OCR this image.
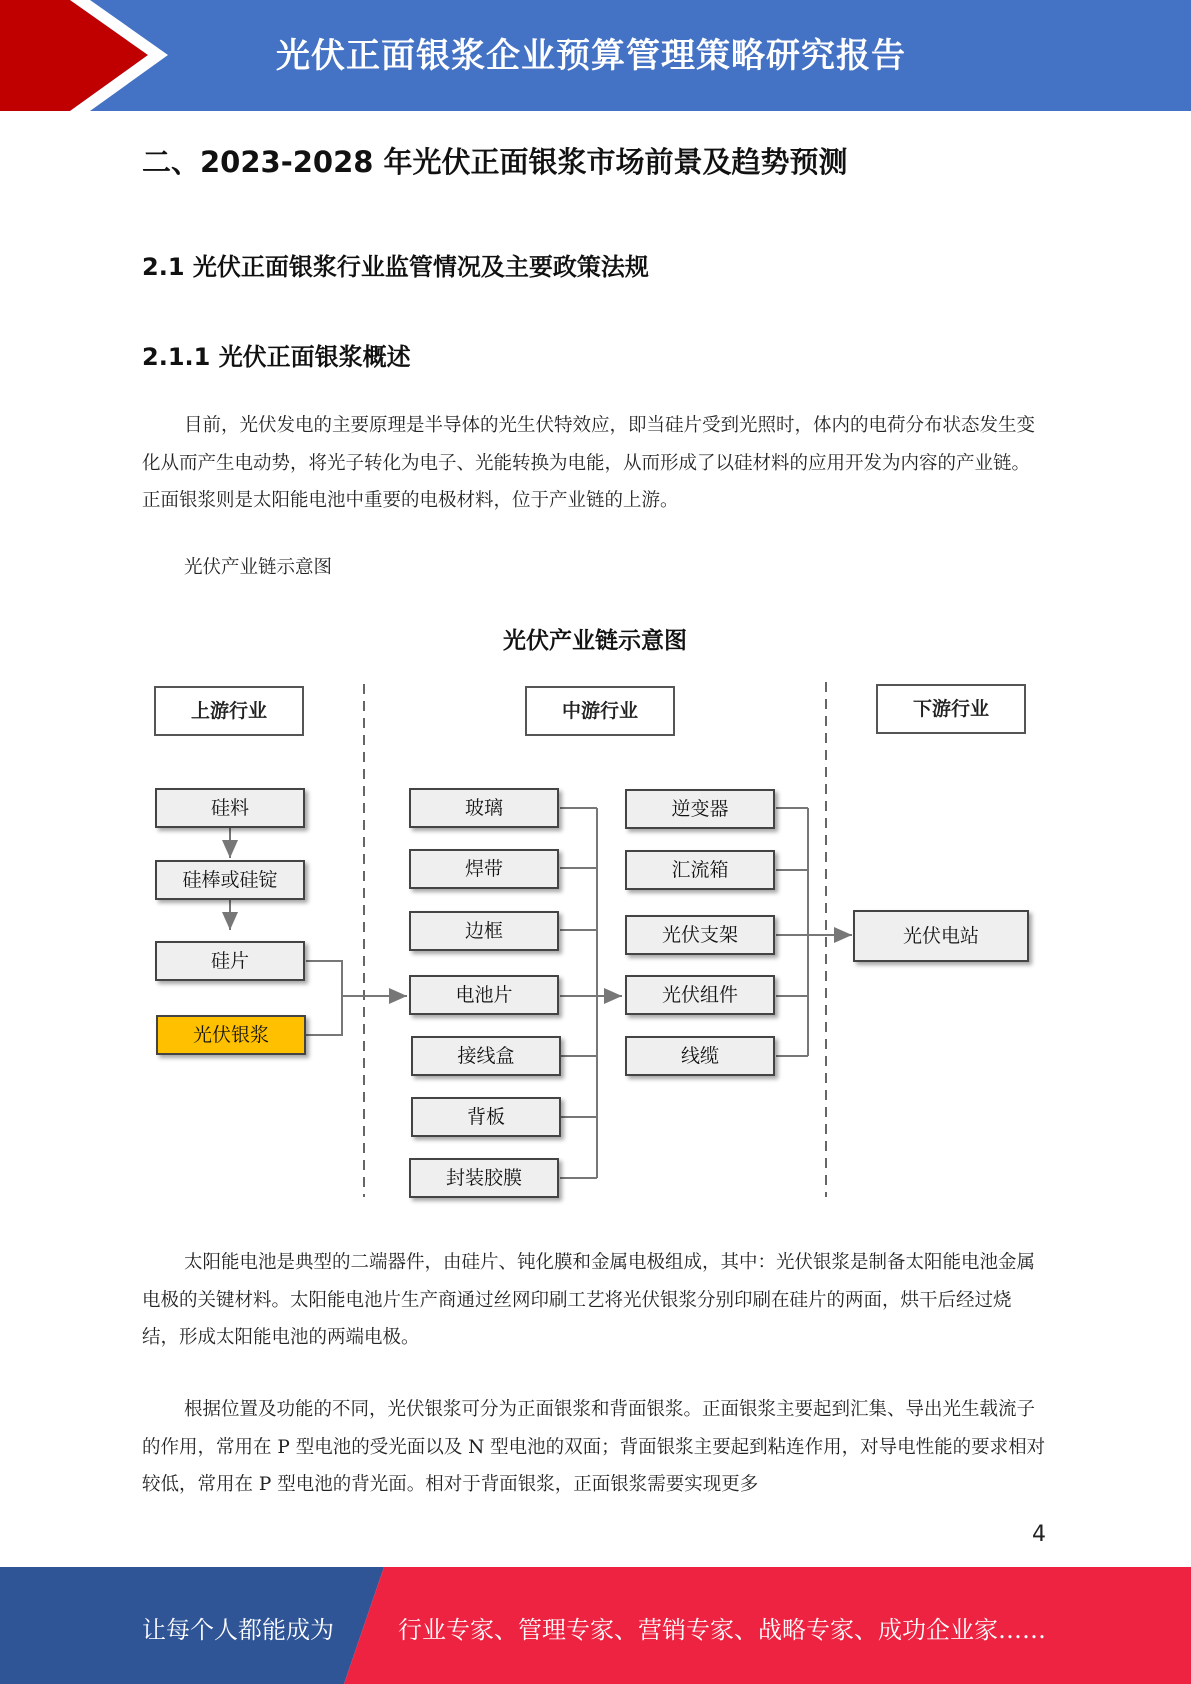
光伏正面银浆企业预算管理策略研究报告
二、2023-2028 年光伏正面银浆市场前景及趋势预测
2.1 光伏正面银浆行业监管情况及主要政策法规
2.1.1 光伏正面银浆概述

目前，光伏发电的主要原理是半导体的光生伏特效应，即当硅片受到光照时，体内的电荷分布状态发生变化从而产生电动势，将光子转化为电子、光能转换为电能，从而形成了以硅材料的应用开发为内容的产业链。正面银浆则是太阳能电池中重要的电极材料，位于产业链的上游。

光伏产业链示意图
光伏产业链示意图
上游行业	中游行业	下游行业
硅料
硅棒或硅锭
硅片
光伏银浆
玻璃
焊带
边框
电池片
接线盒
背板
封装胶膜
逆变器
汇流箱
光伏支架
光伏组件
线缆
光伏电站

太阳能电池是典型的二端器件，由硅片、钝化膜和金属电极组成，其中：光伏银浆是制备太阳能电池金属电极的关键材料。太阳能电池片生产商通过丝网印刷工艺将光伏银浆分别印刷在硅片的两面，烘干后经过烧结，形成太阳能电池的两端电极。

根据位置及功能的不同，光伏银浆可分为正面银浆和背面银浆。正面银浆主要起到汇集、导出光生载流子的作用，常用在 P 型电池的受光面以及 N 型电池的双面；背面银浆主要起到粘连作用，对导电性能的要求相对较低，常用在 P 型电池的背光面。相对于背面银浆，正面银浆需要实现更多

4
让每个人都能成为	行业专家、管理专家、营销专家、战略专家、成功企业家……
